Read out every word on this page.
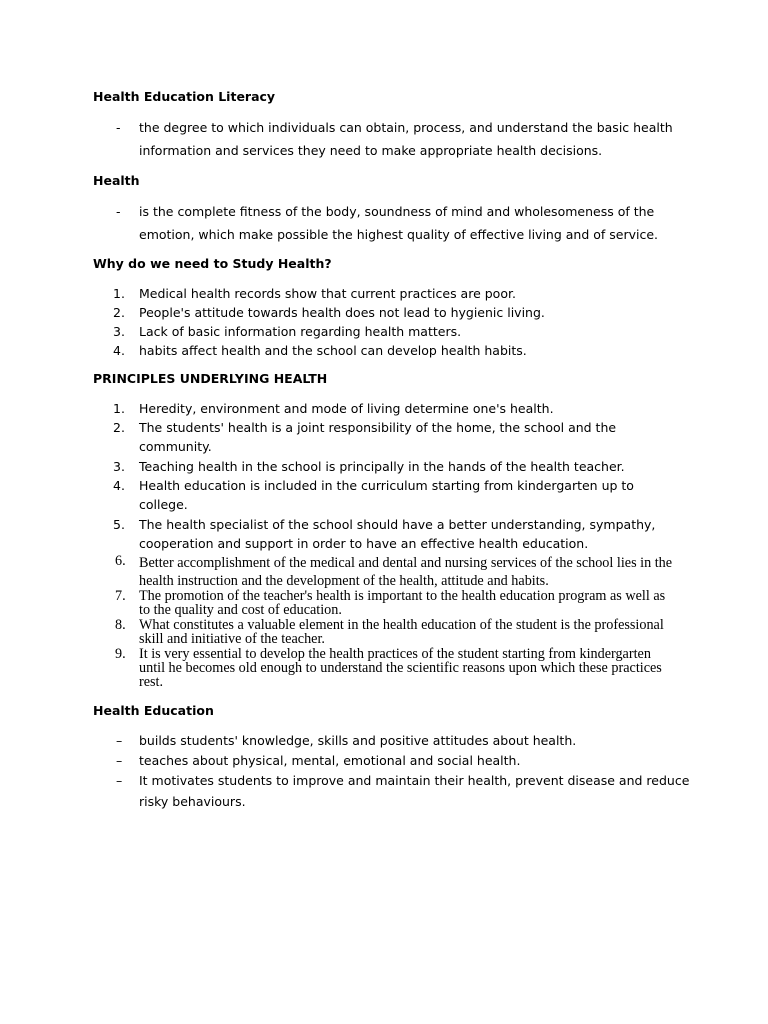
Health Education Literacy
- the degree to which individuals can obtain, process, and understand the basic health information and services they need to make appropriate health decisions.
Health
- is the complete fitness of the body, soundness of mind and wholesomeness of the emotion, which make possible the highest quality of effective living and of service.
Why do we need to Study Health?
1. Medical health records show that current practices are poor.
2. People's attitude towards health does not lead to hygienic living.
3. Lack of basic information regarding health matters.
4. habits affect health and the school can develop health habits.
PRINCIPLES UNDERLYING HEALTH
1. Heredity, environment and mode of living determine one's health.
2. The students' health is a joint responsibility of the home, the school and the community.
3. Teaching health in the school is principally in the hands of the health teacher.
4. Health education is included in the curriculum starting from kindergarten up to college.
5. The health specialist of the school should have a better understanding, sympathy, cooperation and support in order to have an effective health education.
6. Better accomplishment of the medical and dental and nursing services of the school lies in the health instruction and the development of the health, attitude and habits.
7. The promotion of the teacher's health is important to the health education program as well as to the quality and cost of education.
8. What constitutes a valuable element in the health education of the student is the professional skill and initiative of the teacher.
9. It is very essential to develop the health practices of the student starting from kindergarten until he becomes old enough to understand the scientific reasons upon which these practices rest.
Health Education
– builds students' knowledge, skills and positive attitudes about health.
– teaches about physical, mental, emotional and social health.
– It motivates students to improve and maintain their health, prevent disease and reduce risky behaviours.
